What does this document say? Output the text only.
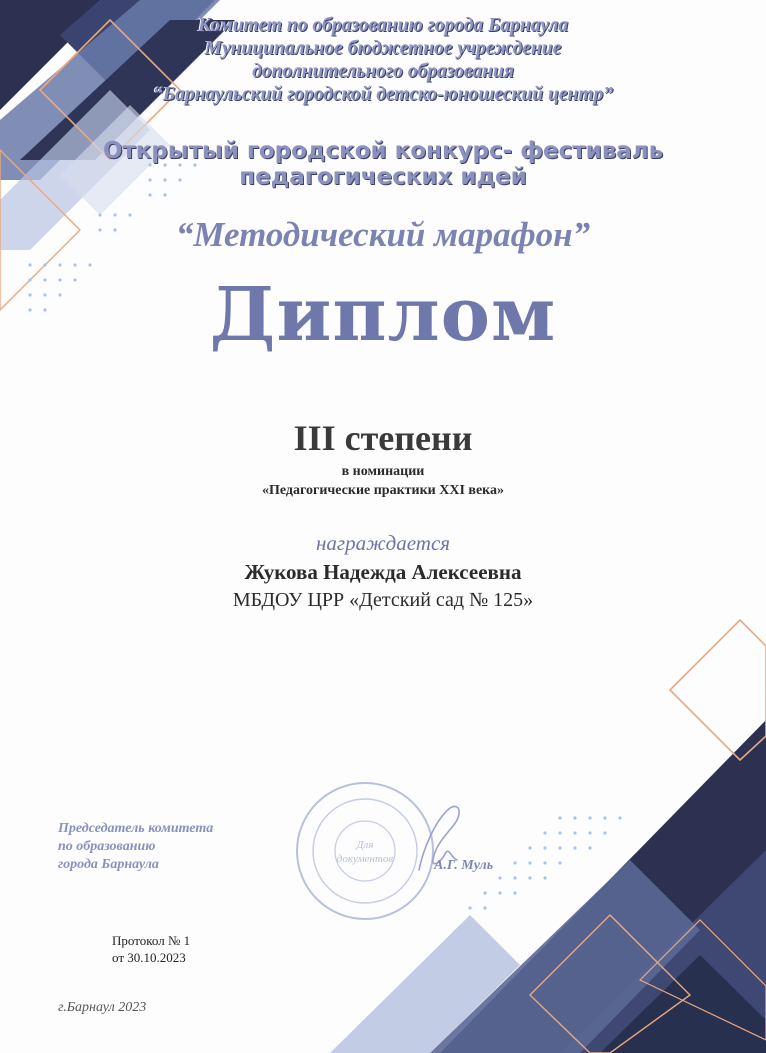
Комитет по образованию города Барнаула
Муниципальное бюджетное учреждение
дополнительного образования
“Барнаульский городской детско-юношеский центр”
Открытый городской конкурс- фестиваль
педагогических идей
“Методический марафон”
Диплом
III степени
в номинации
«Педагогические практики XXI века»
награждается
Жукова Надежда Алексеевна
МБДОУ ЦРР «Детский сад № 125»
Для
документов
Председатель комитета
по образованию
города Барнаула	А.Г. Муль
Протокол № 1
от 30.10.2023
г.Барнаул 2023
